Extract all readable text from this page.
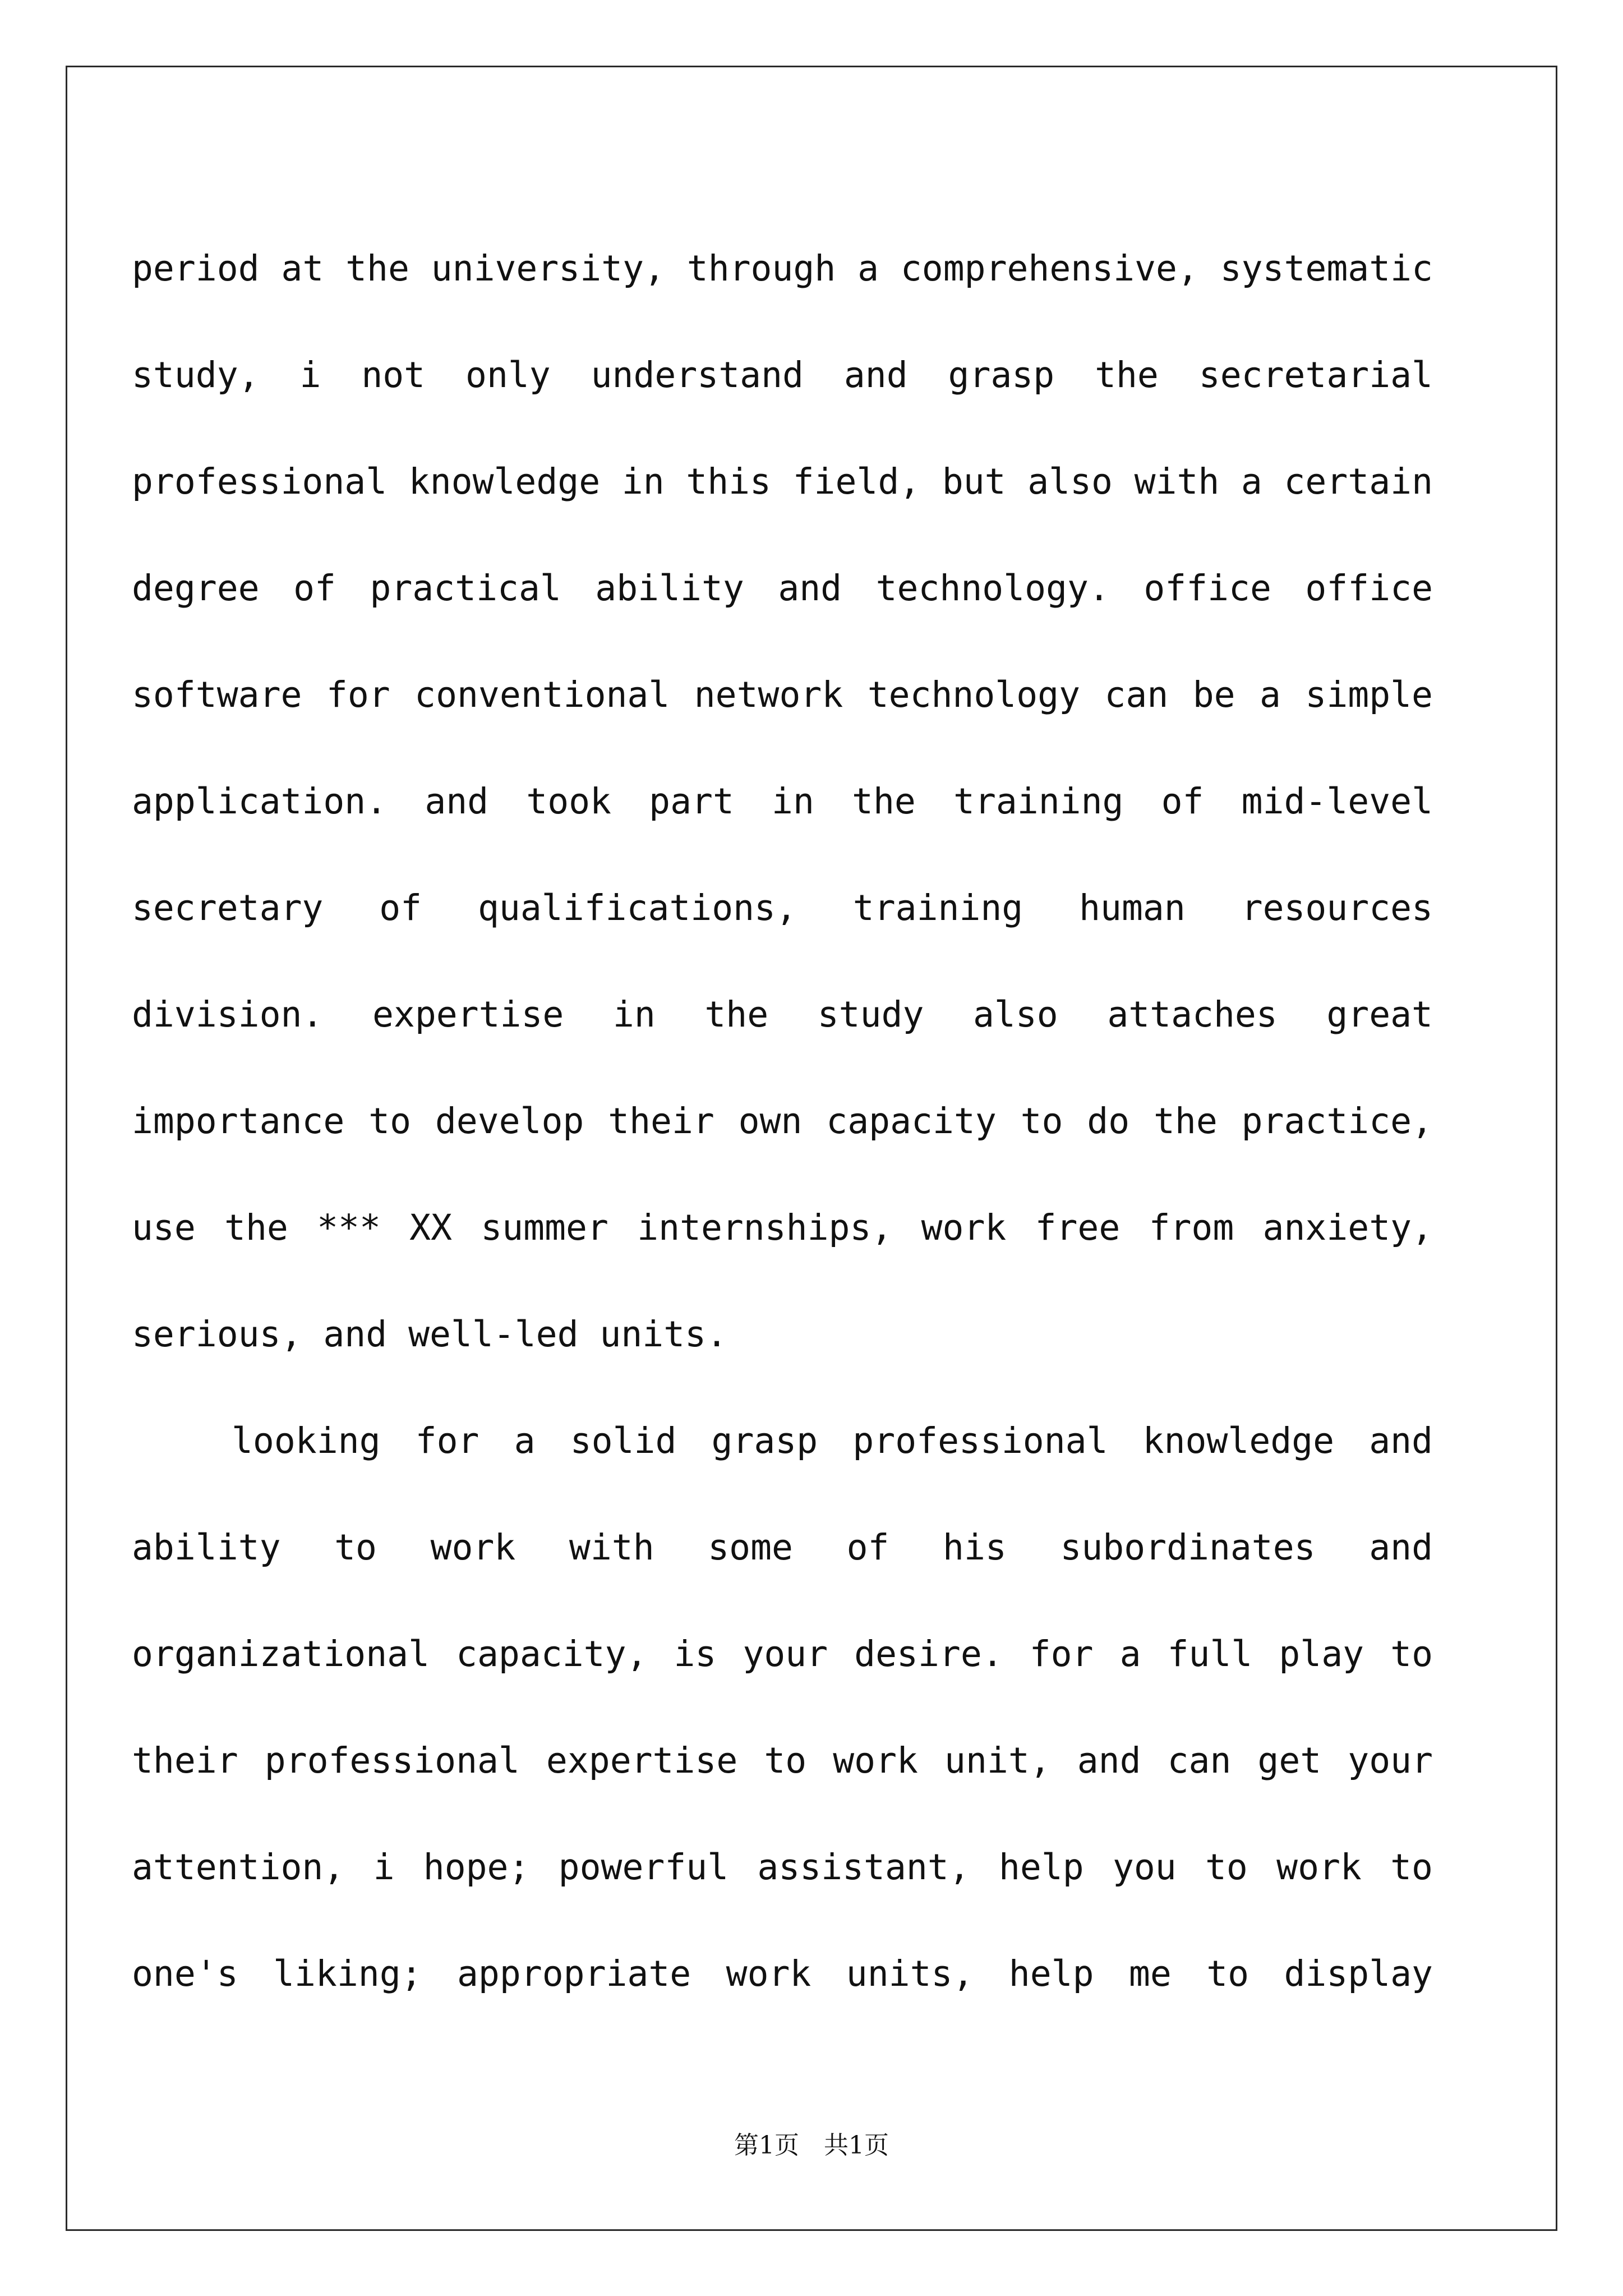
period at the university, through a comprehensive, systematic study, i not only understand and grasp the secretarial professional knowledge in this field, but also with a certain degree of practical ability and technology. office office software for conventional network technology can be a simple application. and took part in the training of mid-level secretary of qualifications, training human resources division. expertise in the study also attaches great importance to develop their own capacity to do the practice, use the *** XX summer internships, work free from anxiety, serious, and well-led units.

looking for a solid grasp professional knowledge and ability to work with some of his subordinates and organizational capacity, is your desire. for a full play to their professional expertise to work unit, and can get your attention, i hope; powerful assistant, help you to work to one's liking; appropriate work units, help me to display

第1页 共1页
